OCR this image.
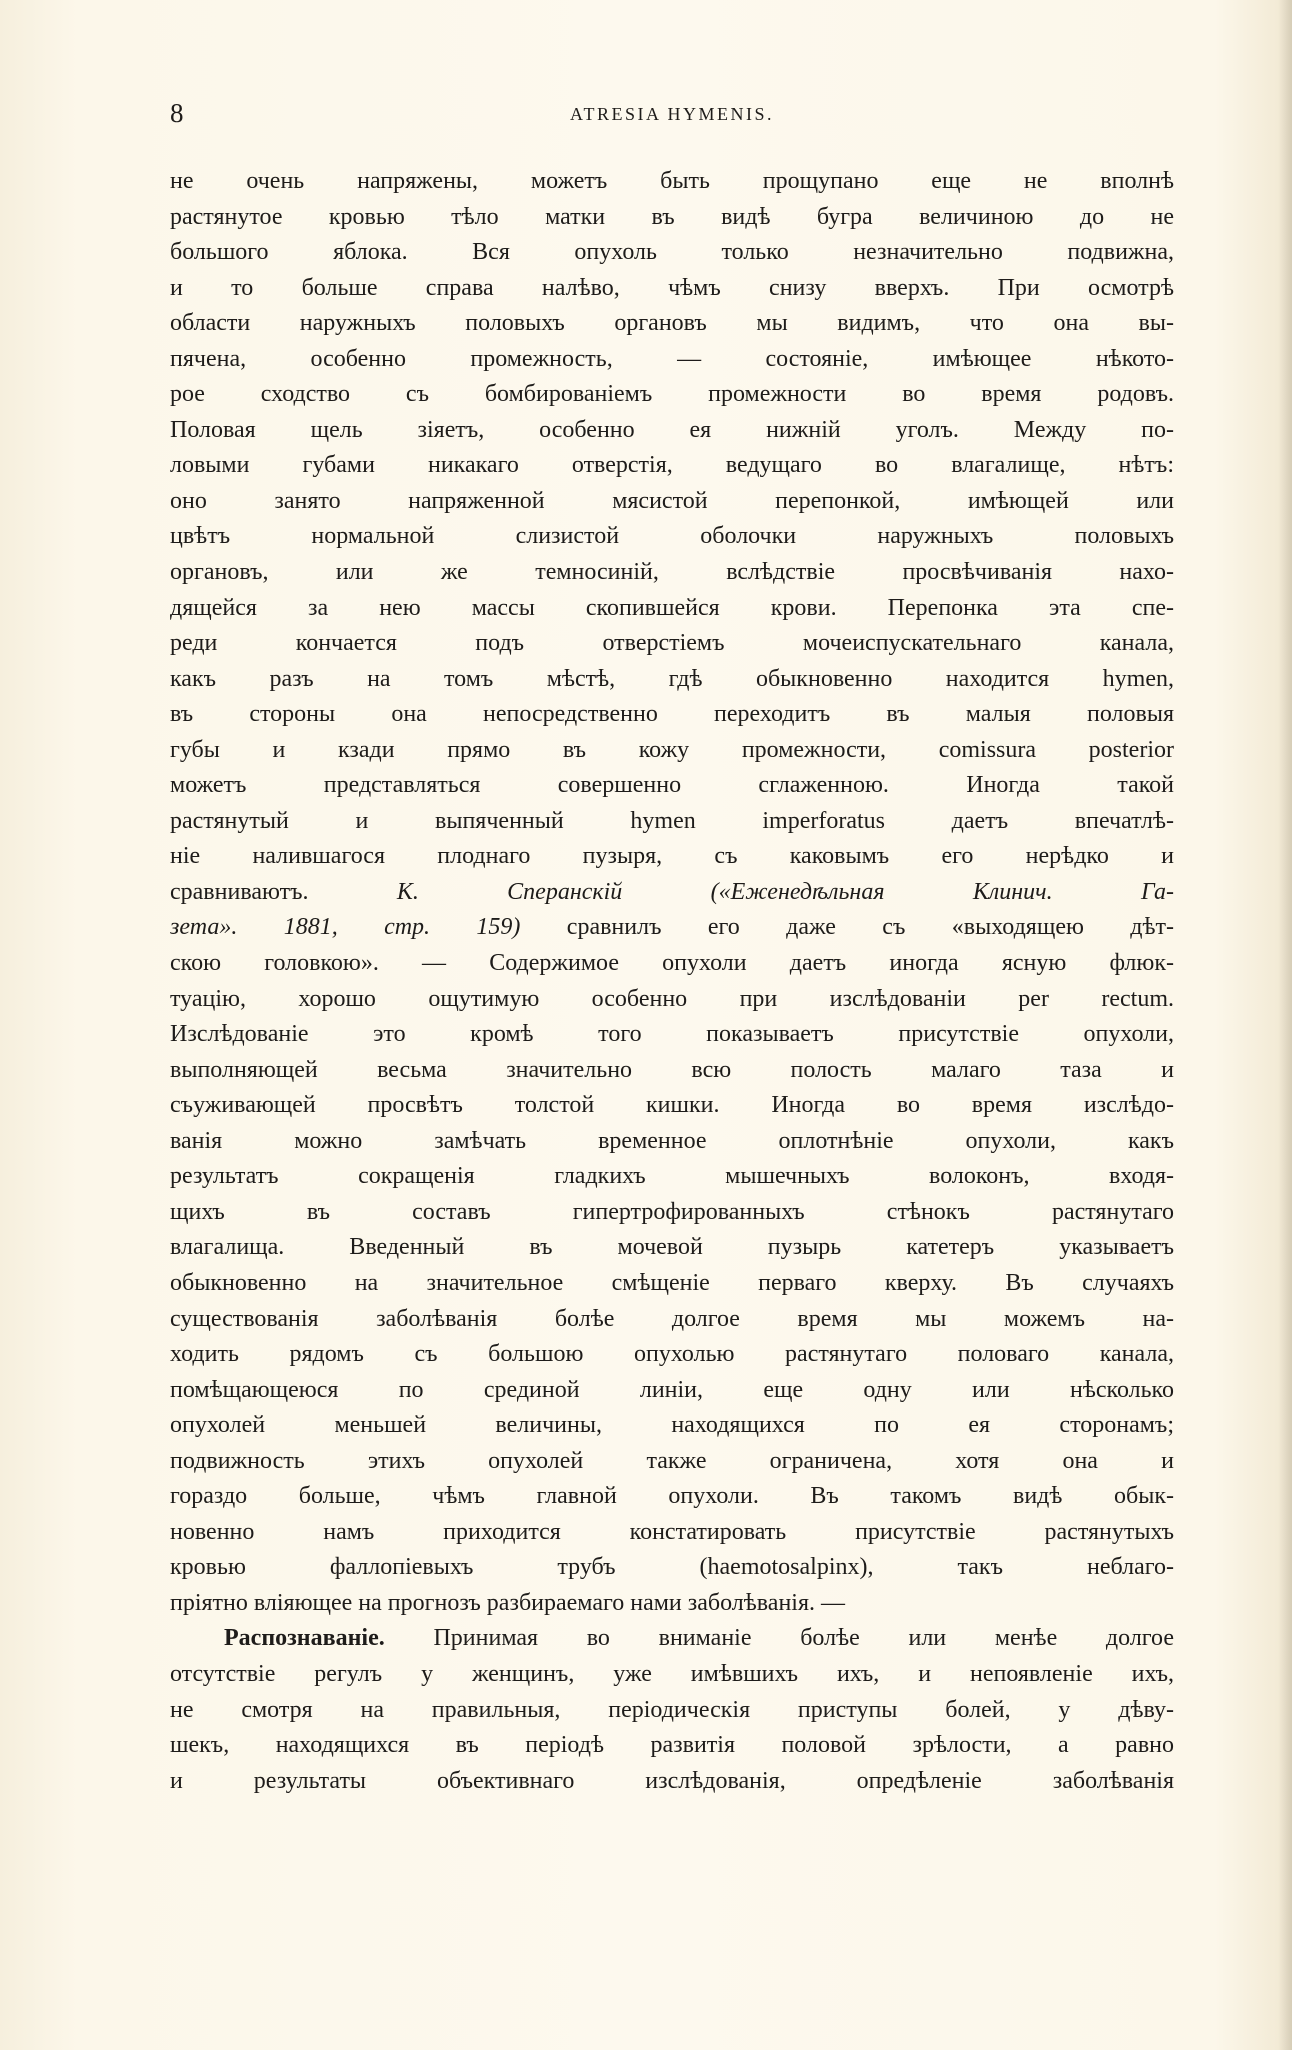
8	ATRESIA HYMENIS.
не очень напряжены, можетъ быть прощупано еще не вполнѣ
растянутое кровью тѣло матки въ видѣ бугра величиною до не
большого яблока. Вся опухоль только незначительно подвижна,
и то больше справа налѣво, чѣмъ снизу вверхъ. При осмотрѣ
области наружныхъ половыхъ органовъ мы видимъ, что она вы-
пячена, особенно промежность, — состояніе, имѣющее нѣкото-
рое сходство съ бомбированіемъ промежности во время родовъ.
Половая щель зіяетъ, особенно ея нижній уголъ. Между по-
ловыми губами никакаго отверстія, ведущаго во влагалище, нѣтъ:
оно занято напряженной мясистой перепонкой, имѣющей или
цвѣтъ нормальной слизистой оболочки наружныхъ половыхъ
органовъ, или же темносиній, вслѣдствіе просвѣчиванія нахо-
дящейся за нею массы скопившейся крови. Перепонка эта спе-
реди кончается подъ отверстіемъ мочеиспускательнаго канала,
какъ разъ на томъ мѣстѣ, гдѣ обыкновенно находится hymen,
въ стороны она непосредственно переходитъ въ малыя половыя
губы и кзади прямо въ кожу промежности, comissura posterior
можетъ представляться совершенно сглаженною. Иногда такой
растянутый и выпяченный hymen imperforatus даетъ впечатлѣ-
ніе налившагося плоднаго пузыря, съ каковымъ его нерѣдко и
сравниваютъ.	К. Сперанскій («Еженедѣльная Клинич. Га-
зета». 1881, стр. 159) сравнилъ его даже съ «выходящею дѣт-
скою головкою». — Содержимое опухоли даетъ иногда ясную флюк-
туацію, хорошо ощутимую особенно при изслѣдованіи per rectum.
Изслѣдованіе это кромѣ того показываетъ присутствіе опухоли,
выполняющей весьма значительно всю полость малаго таза и
съуживающей просвѣтъ толстой кишки. Иногда во время изслѣдо-
ванія можно замѣчать временное оплотнѣніе опухоли, какъ
результатъ сокращенія гладкихъ мышечныхъ волоконъ, входя-
щихъ въ составъ гипертрофированныхъ стѣнокъ растянутаго
влагалища. Введенный въ мочевой пузырь катетеръ указываетъ
обыкновенно на значительное смѣщеніе перваго кверху. Въ случаяхъ
существованія заболѣванія болѣе долгое время мы можемъ на-
ходить рядомъ съ большою опухолью растянутаго половаго канала,
помѣщающеюся по срединой линіи, еще одну или нѣсколько
опухолей меньшей величины, находящихся по ея сторонамъ;
подвижность этихъ опухолей также ограничена, хотя она и
гораздо больше, чѣмъ главной опухоли. Въ такомъ видѣ обык-
новенно намъ приходится констатировать присутствіе растянутыхъ
кровью фаллопіевыхъ трубъ (haemotosalpinx), такъ неблаго-
пріятно вліяющее на прогнозъ разбираемаго нами заболѣванія. —
Распознаваніе. Принимая во вниманіе болѣе или менѣе долгое
отсутствіе регулъ у женщинъ, уже имѣвшихъ ихъ, и непоявленіе ихъ,
не смотря на правильныя, періодическія приступы болей, у дѣву-
шекъ, находящихся въ періодѣ развитія половой зрѣлости, а равно
и результаты объективнаго изслѣдованія, опредѣленіе заболѣванія
